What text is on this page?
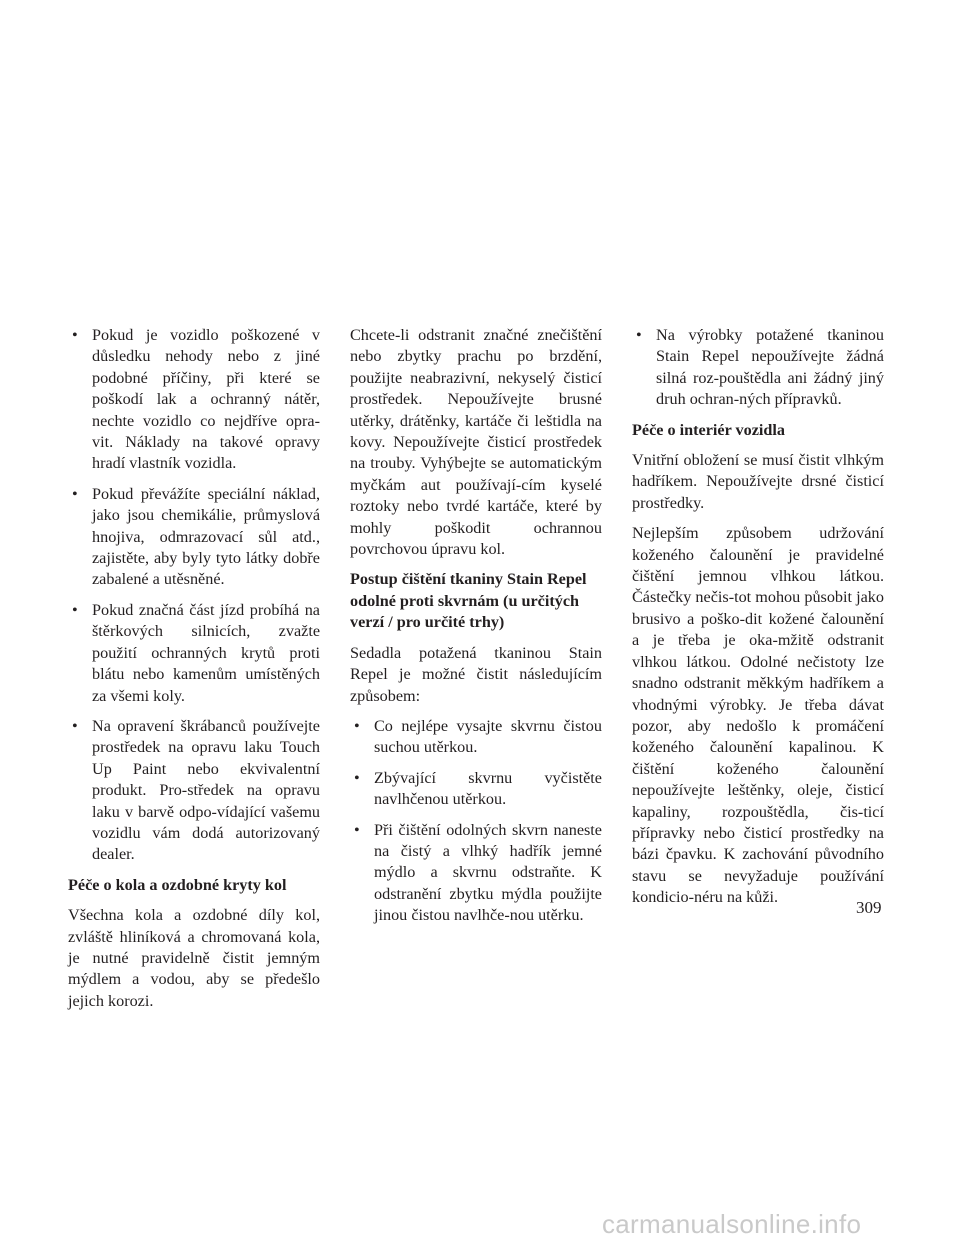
• Pokud je vozidlo poškozené v důsledku nehody nebo z jiné podobné příčiny, při které se poškodí lak a ochranný nátěr, nechte vozidlo co nejdříve opra-vit. Náklady na takové opravy hradí vlastník vozidla.
• Pokud převážíte speciální náklad, jako jsou chemikálie, průmyslová hnojiva, odmrazovací sůl atd., zajistěte, aby byly tyto látky dobře zabalené a utěsněné.
• Pokud značná část jízd probíhá na štěrkových silnicích, zvažte použití ochranných krytů proti blátu nebo kamenům umístěných za všemi koly.
• Na opravení škrábanců používejte prostředek na opravu laku Touch Up Paint nebo ekvivalentní produkt. Pro-středek na opravu laku v barvě odpo-vídající vašemu vozidlu vám dodá autorizovaný dealer.
Péče o kola a ozdobné kryty kol

Všechna kola a ozdobné díly kol, zvláště hliníková a chromovaná kola, je nutné pravidelně čistit jemným mýdlem a vodou, aby se předešlo jejich korozi.

Chcete-li odstranit značné znečištění nebo zbytky prachu po brzdění, použijte neabrazivní, nekyselý čisticí prostředek. Nepoužívejte brusné utěrky, drátěnky, kartáče či leštidla na kovy. Nepoužívejte čisticí prostředek na trouby. Vyhýbejte se automatickým myčkám aut používají-cím kyselé roztoky nebo tvrdé kartáče, které by mohly poškodit ochrannou povrchovou úpravu kol.

Postup čištění tkaniny Stain Repel odolné proti skvrnám (u určitých verzí / pro určité trhy)

Sedadla potažená tkaninou Stain Repel je možné čistit následujícím způsobem:

• Co nejlépe vysajte skvrnu čistou suchou utěrkou.
• Zbývající skvrnu vyčistěte navlhčenou utěrkou.
• Při čištění odolných skvrn naneste na čistý a vlhký hadřík jemné mýdlo a skvrnu odstraňte. K odstranění zbytku mýdla použijte jinou čistou navlhče-nou utěrku.
• Na výrobky potažené tkaninou Stain Repel nepoužívejte žádná silná roz-pouštědla ani žádný jiný druh ochran-ných přípravků.
Péče o interiér vozidla

Vnitřní obložení se musí čistit vlhkým hadříkem. Nepoužívejte drsné čisticí prostředky.

Nejlepším způsobem udržování koženého čalounění je pravidelné čištění jemnou vlhkou látkou. Částečky nečis-tot mohou působit jako brusivo a poško-dit kožené čalounění a je třeba je oka-mžitě odstranit vlhkou látkou. Odolné nečistoty lze snadno odstranit měkkým hadříkem a vhodnými výrobky. Je třeba dávat pozor, aby nedošlo k promáčení koženého čalounění kapalinou. K čištění koženého čalounění nepoužívejte leštěnky, oleje, čisticí kapaliny, rozpouštědla, čis-ticí přípravky nebo čisticí prostředky na bázi čpavku. K zachování původního stavu se nevyžaduje používání kondicio-néru na kůži.

309
carmanualsonline.info
